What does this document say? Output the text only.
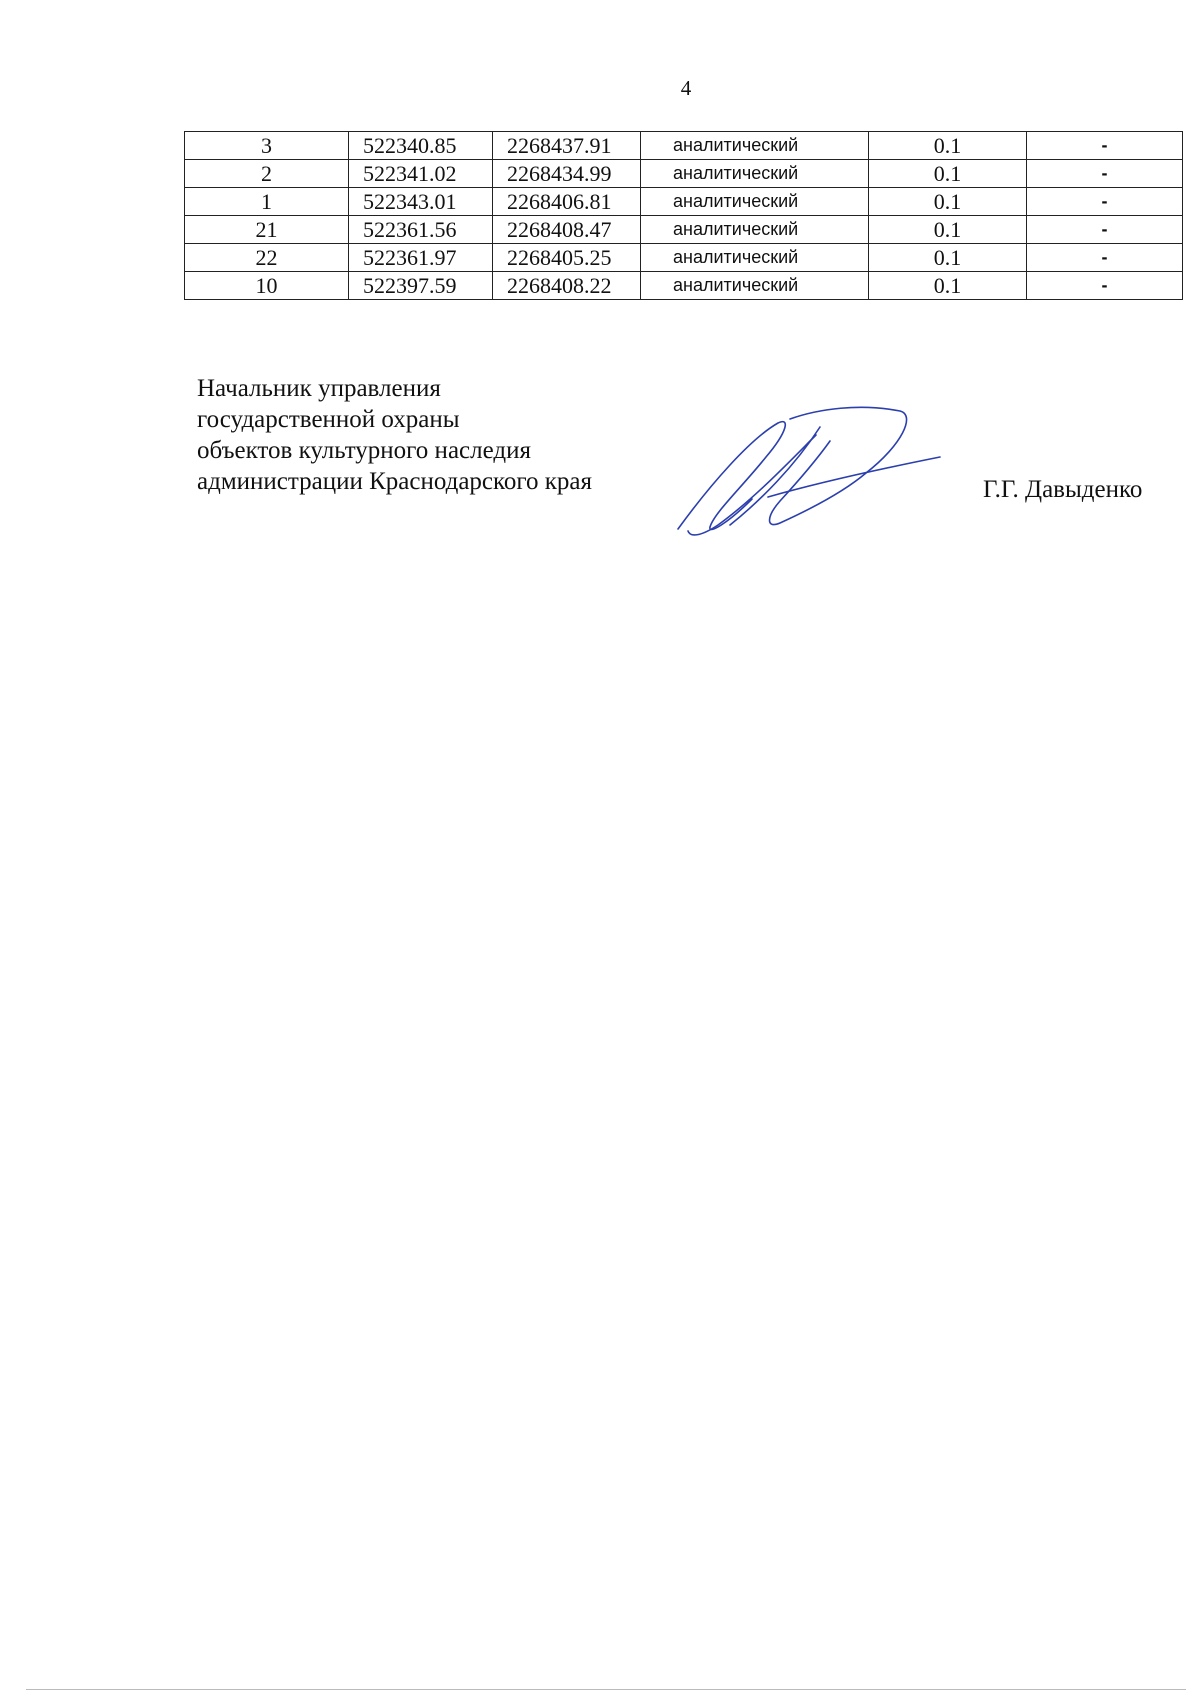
4
3	522340.85	2268437.91	аналитический	0.1	-
2	522341.02	2268434.99	аналитический	0.1	-
1	522343.01	2268406.81	аналитический	0.1	-
21	522361.56	2268408.47	аналитический	0.1	-
22	522361.97	2268405.25	аналитический	0.1	-
10	522397.59	2268408.22	аналитический	0.1	-
Начальник управления
государственной охраны
объектов культурного наследия
администрации Краснодарского края	Г.Г. Давыденко
